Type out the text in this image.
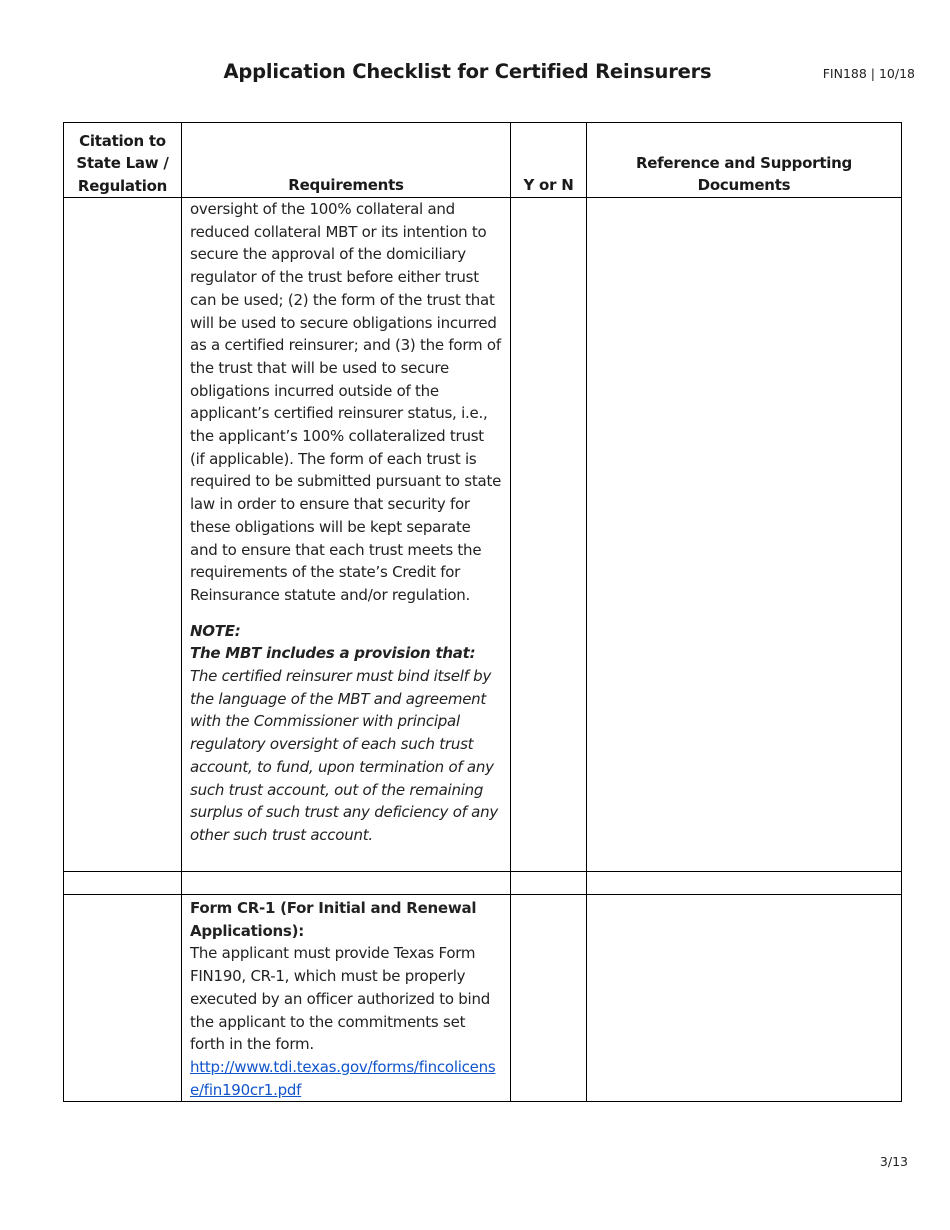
Application Checklist for Certified Reinsurers	FIN188 | 10/18
Citation to State Law / Regulation	Requirements	Y or N	Reference and Supporting Documents

	oversight of the 100% collateral and reduced collateral MBT or its intention to secure the approval of the domiciliary regulator of the trust before either trust can be used; (2) the form of the trust that will be used to secure obligations incurred as a certified reinsurer; and (3) the form of the trust that will be used to secure obligations incurred outside of the applicant’s certified reinsurer status, i.e., the applicant’s 100% collateralized trust (if applicable). The form of each trust is required to be submitted pursuant to state law in order to ensure that security for these obligations will be kept separate and to ensure that each trust meets the requirements of the state’s Credit for Reinsurance statute and/or regulation.
NOTE:
The MBT includes a provision that:
The certified reinsurer must bind itself by the language of the MBT and agreement with the Commissioner with principal regulatory oversight of each such trust account, to fund, upon termination of any such trust account, out of the remaining surplus of such trust any deficiency of any other such trust account.		

	Form CR-1 (For Initial and Renewal Applications):
The applicant must provide Texas Form FIN190, CR-1, which must be properly executed by an officer authorized to bind the applicant to the commitments set forth in the form.
http://www.tdi.texas.gov/forms/fincolicense/fin190cr1.pdf		
3/13
